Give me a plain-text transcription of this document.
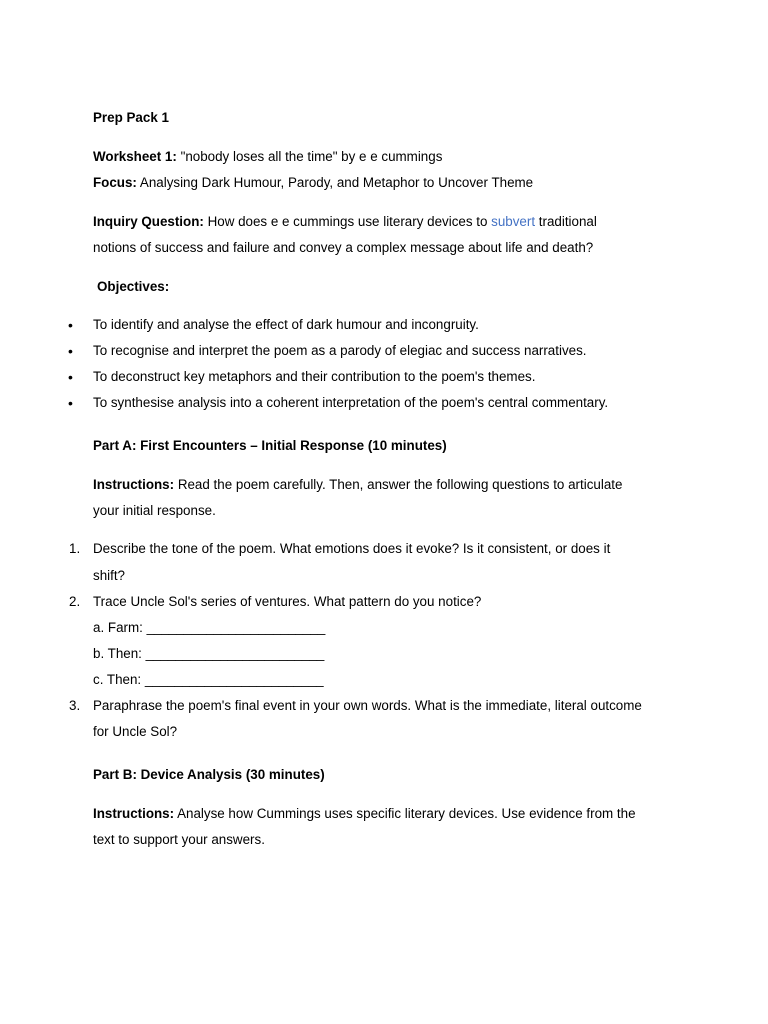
Prep Pack 1
Worksheet 1: "nobody loses all the time" by e e cummings
Focus: Analysing Dark Humour, Parody, and Metaphor to Uncover Theme
Inquiry Question: How does e e cummings use literary devices to subvert traditional
notions of success and failure and convey a complex message about life and death?
Objectives:
• To identify and analyse the effect of dark humour and incongruity.
• To recognise and interpret the poem as a parody of elegiac and success narratives.
• To deconstruct key metaphors and their contribution to the poem's themes.
• To synthesise analysis into a coherent interpretation of the poem's central commentary.
Part A: First Encounters – Initial Response (10 minutes)
Instructions: Read the poem carefully. Then, answer the following questions to articulate
your initial response.
1. Describe the tone of the poem. What emotions does it evoke? Is it consistent, or does it
shift?
2. Trace Uncle Sol's series of ventures. What pattern do you notice?
a. Farm: ________________________
b. Then: ________________________
c. Then: ________________________
3. Paraphrase the poem's final event in your own words. What is the immediate, literal outcome
for Uncle Sol?
Part B: Device Analysis (30 minutes)
Instructions: Analyse how Cummings uses specific literary devices. Use evidence from the
text to support your answers.
